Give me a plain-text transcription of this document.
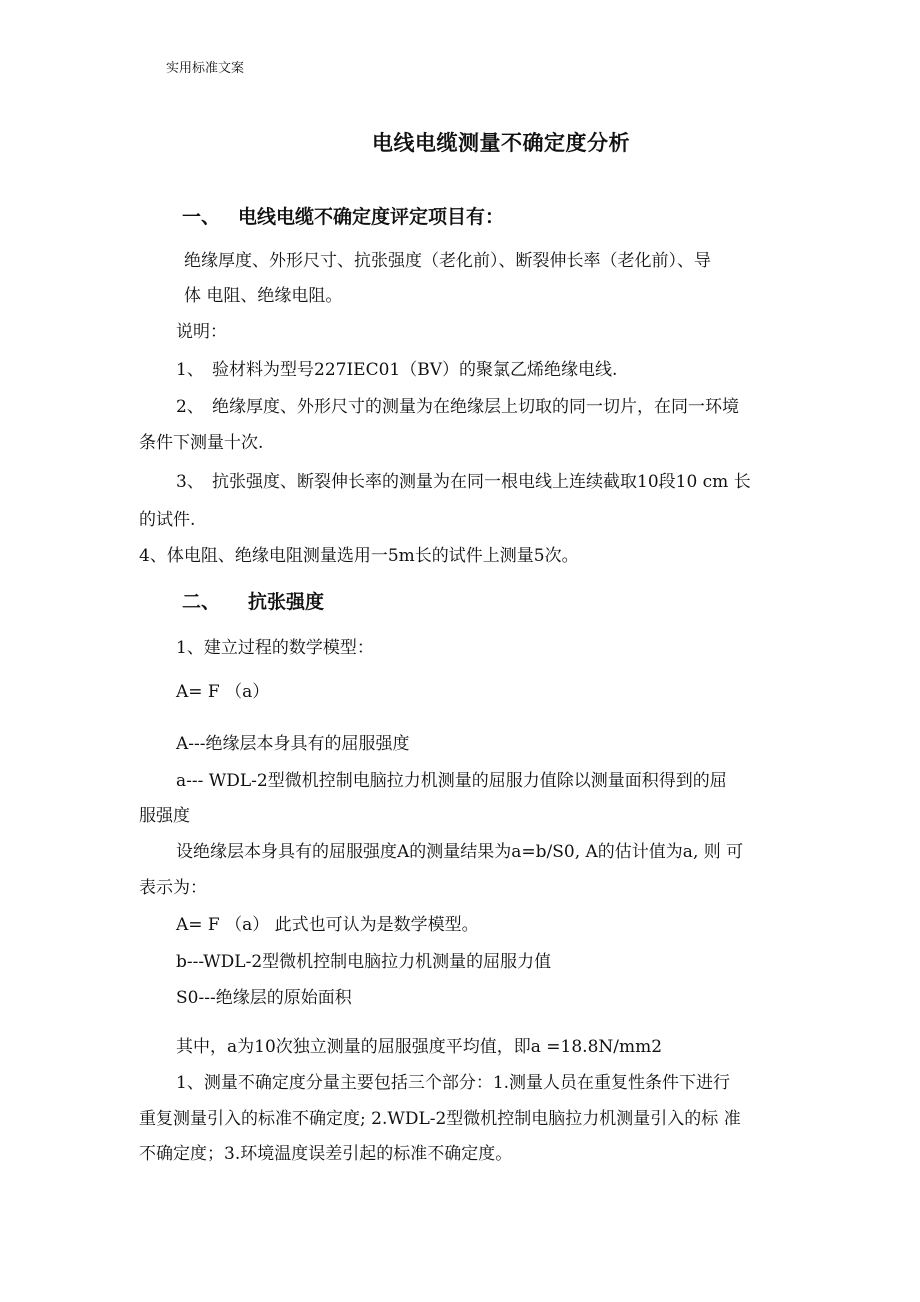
实用标准文案
电线电缆测量不确定度分析
一、 电线电缆不确定度评定项目有：
绝缘厚度、外形尺寸、抗张强度（老化前）、断裂伸长率（老化前）、导
体 电阻、绝缘电阻。
说明：
1、 验材料为型号227IEC01（BV）的聚氯乙烯绝缘电线.
2、 绝缘厚度、外形尺寸的测量为在绝缘层上切取的同一切片，在同一环境
条件下测量十次.
3、 抗张强度、断裂伸长率的测量为在同一根电线上连续截取10段10 cm 长
的试件.
4、体电阻、绝缘电阻测量选用一5m长的试件上测量5次。
二、 抗张强度
1、建立过程的数学模型：
A= F （a）
A---绝缘层本身具有的屈服强度
a--- WDL-2型微机控制电脑拉力机测量的屈服力值除以测量面积得到的屈
服强度
设绝缘层本身具有的屈服强度A的测量结果为a=b/S0, A的估计值为a, 则 可
表示为：
A= F （a） 此式也可认为是数学模型。
b---WDL-2型微机控制电脑拉力机测量的屈服力值
S0---绝缘层的原始面积
其中，a为10次独立测量的屈服强度平均值，即a =18.8N/mm2
1、测量不确定度分量主要包括三个部分：1.测量人员在重复性条件下进行
重复测量引入的标准不确定度; 2.WDL-2型微机控制电脑拉力机测量引入的标 准
不确定度；3.环境温度误差引起的标准不确定度。
